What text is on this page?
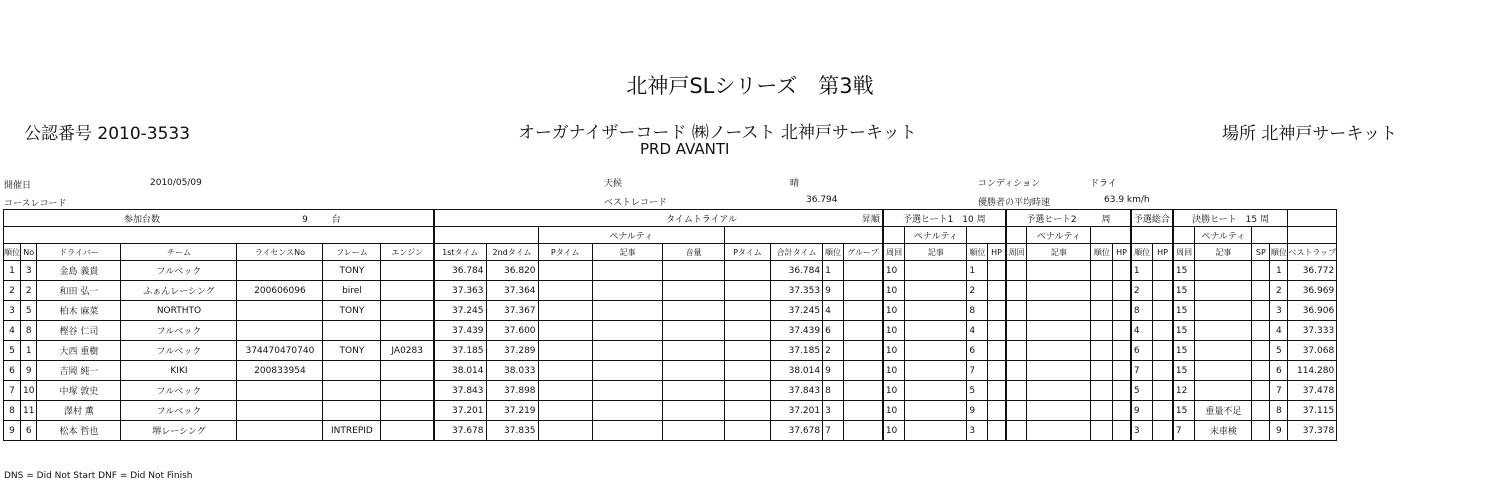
北神戸SLシリーズ　第3戦
公認番号 2010-3533	オーガナイザーコード ㈱ノースト 北神戸サーキット
PRD AVANTI
場所 北神戸サーキット
開催日	2010/05/09	天候	晴	コンディション	ドライ
コースレコード	ベストレコード	36.794	優勝者の平均時速	63.9 km/h
参加台数 9 台							タイムトライアル 昇順									予選ヒート1 10 周				予選ヒート2 周				予選総合		決勝ヒート 15 周				
									ペナルティ								ペナルティ				ペナルティ						ペナルティ			
順位	No	ドライバー	チーム	ライセンスNo	フレーム	エンジン	1stタイム	2ndタイム	Pタイム	記事	音量	Pタイム	合計タイム	順位	グループ	周回	記事	順位	HP	周回	記事	順位	HP	順位	HP	周回	記事	SP	順位	ベストラップ
1	3	金島 義貴	フルベック		TONY		36.784	36.820					36.784	1		10		1						1		15			1	36.772
2	2	和田 弘一	ふぁんレーシング	200606096	birel		37.363	37.364					37.353	9		10		2						2		15			2	36.969
3	5	柏木 麻菜	NORTHTO		TONY		37.245	37.367					37.245	4		10		8						8		15			3	36.906
4	8	樫谷 仁司	フルベック				37.439	37.600					37.439	6		10		4						4		15			4	37.333
5	1	大西 重樹	フルベック	374470470740	TONY	JA0283	37.185	37.289					37.185	2		10		6						6		15			5	37.068
6	9	吉岡 純一	KIKI	200833954			38.014	38.033					38.014	9		10		7						7		15			6	114.280
7	10	中塚 敦史	フルベック				37.843	37.898					37.843	8		10		5						5		12			7	37.478
8	11	澤村 薫	フルベック				37.201	37.219					37.201	3		10		9						9		15	重量不足		8	37.115
9	6	松本 哲也	堺レーシング		INTREPID		37.678	37.835					37.678	7		10		3						3		7	未車検		9	37.378
DNS = Did Not Start DNF = Did Not Finish
